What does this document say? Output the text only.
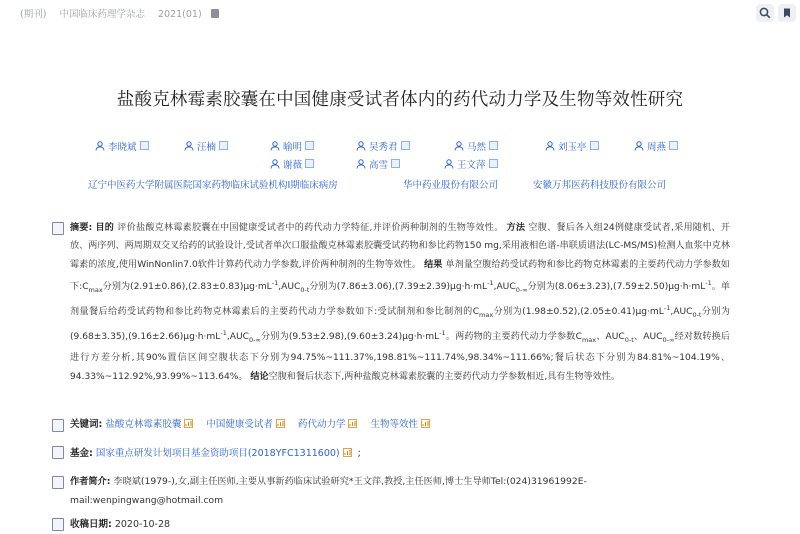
(期刊) 中国临床药理学杂志 2021(01)
盐酸克林霉素胶囊在中国健康受试者体内的药代动力学及生物等效性研究
李晓斌	汪楠	喻明	吴秀君	马然	刘玉亭	周燕
谢薇	高雪	王文萍
辽宁中医药大学附属医院国家药物临床试验机构Ⅰ期临床病房	华中药业股份有限公司	安徽万邦医药科技股份有限公司
摘要: 目的 评价盐酸克林霉素胶囊在中国健康受试者中的药代动力学特征,并评价两种制剂的生物等效性。 方法 空腹、餐后各入组24例健康受试者,采用随机、开放、两序列、两周期双交叉给药的试验设计,受试者单次口服盐酸克林霉素胶囊受试药物和参比药物150 mg,采用液相色谱-串联质谱法(LC-MS/MS)检测人血浆中克林霉素的浓度,使用WinNonlin7.0软件计算药代动力学参数,评价两种制剂的生物等效性。 结果 单剂量空腹给药受试药物和参比药物克林霉素的主要药代动力学参数如下$:C_{max}$分别为$(2.91\pm 0.86),(2.83\pm 0.83)\mu g\cdot mL^{-1},AUC_{0-t}$分别为$(7.86\pm 3.06),(7.39\pm 2.39)\mu g\cdot h\cdot mL^{-1},AUC_{0-\infty}$分别为$(8.06\pm 3.23),(7.59\pm 2.50)\mu g\cdot h\cdot mL^{-1}$。单剂量餐后给药受试药物和参比药物克林霉素后的主要药代动力学参数如下:受试制剂和参比制剂的$C_{max}$分别为$(1.98\pm 0.52),(2.05\pm 0.41)\mu g\cdot mL^{-1},AUC_{0-t}$分别为$(9.68\pm 3.35),(9.16\pm 2.66)\mu g\cdot h\cdot mL^{-1},AUC_{0-\infty}$分别为$(9.53\pm 2.98),(9.60\pm 3.24)\mu g\cdot h\cdot mL^{-1}$。两药物的主要药代动力学参数$C_{max}$、$AUC_{0-t}$、$AUC_{0-\infty}$经对数转换后进行方差分析,其90%置信区间空腹状态下分别为94.75%~111.37%,198.81%~111.74%,98.34%~111.66%;餐后状态下分别为84.81%~104.19%、94.33%~112.92%,93.99%~113.64%。 结论空腹和餐后状态下,两种盐酸克林霉素胶囊的主要药代动力学参数相近,具有生物等效性。
关键词: 盐酸克林霉素胶囊	中国健康受试者	药代动力学	生物等效性
基金: 国家重点研发计划项目基金资助项目(2018YFC1311600) ;
作者简介: 李晓斌(1979-),女,副主任医师,主要从事新药临床试验研究*王文萍,教授,主任医师,博士生导师Tel:(024)31961992E-mail:wenpingwang@hotmail.com
收稿日期: 2020-10-28
